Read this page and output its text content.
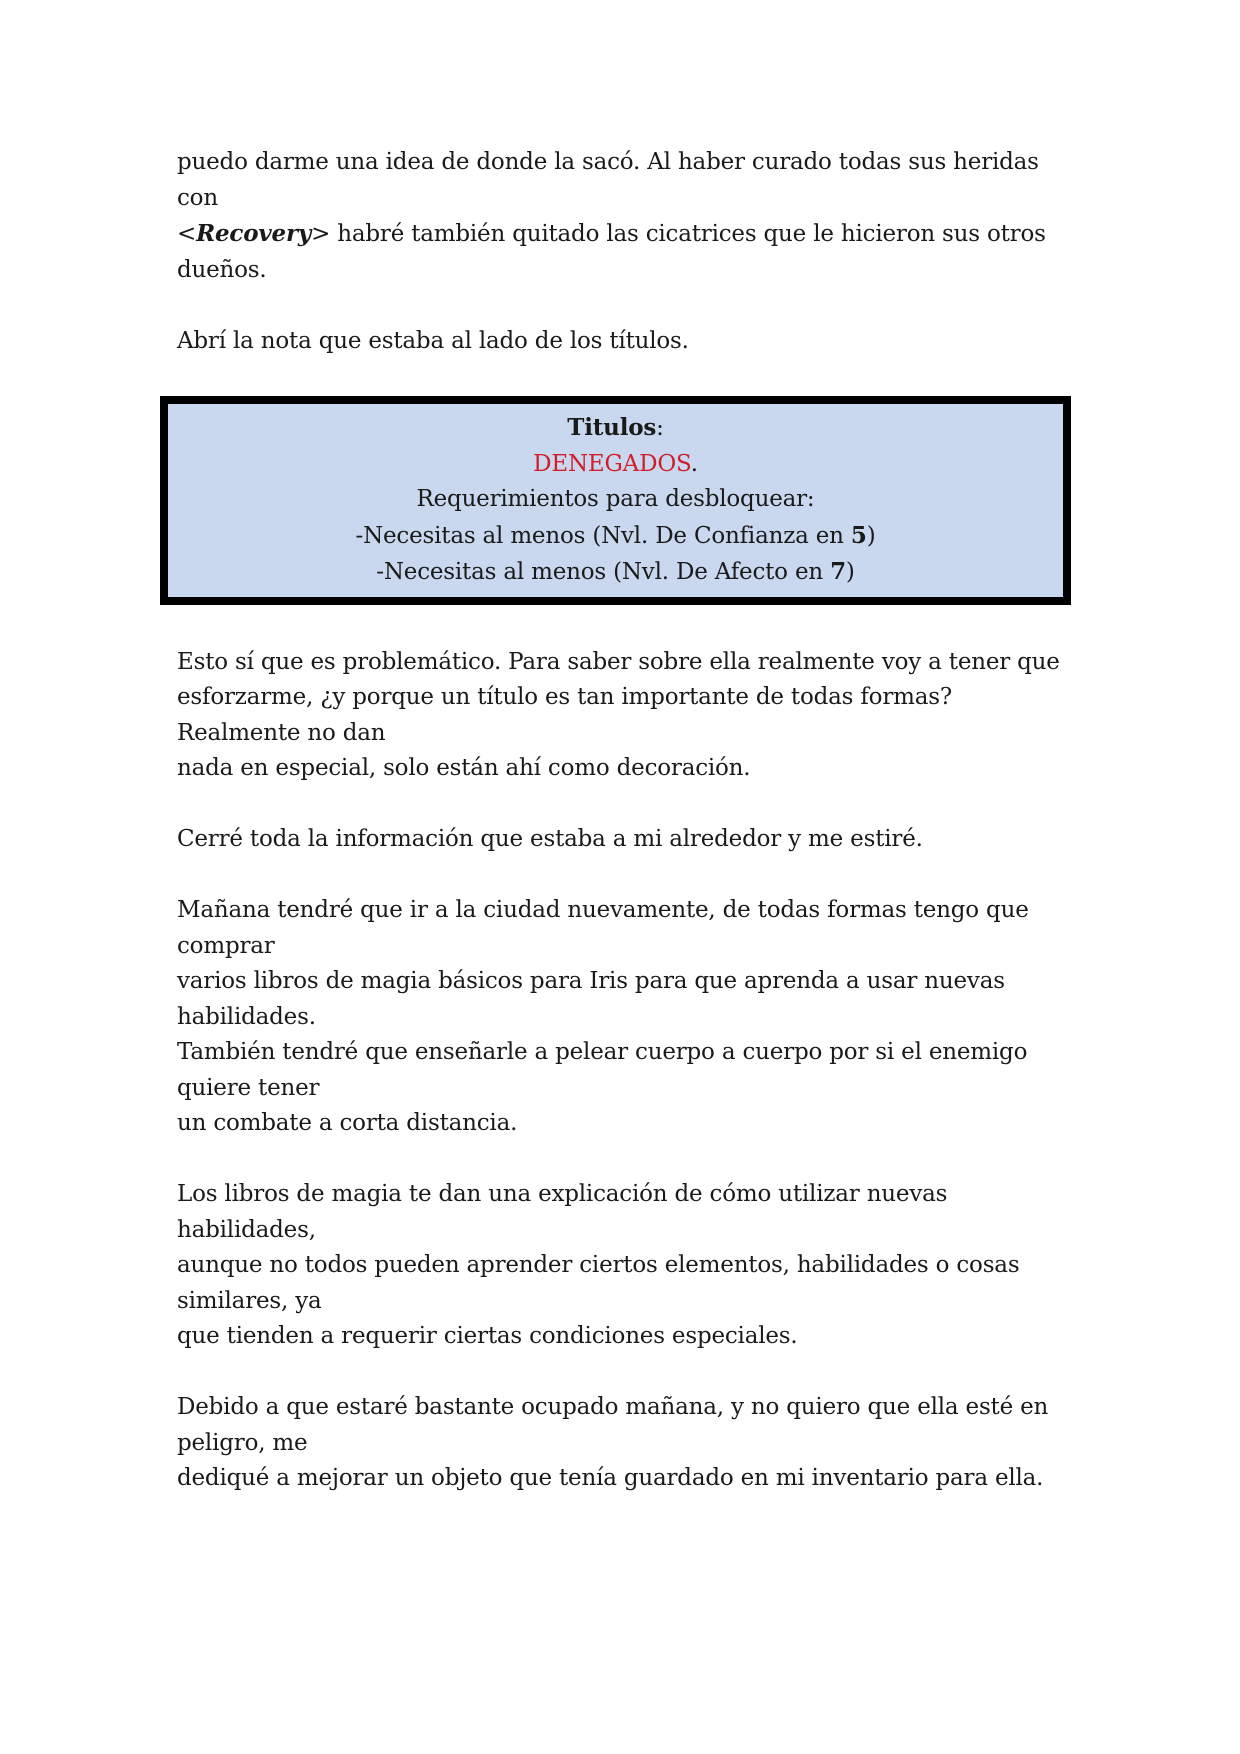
puedo darme una idea de donde la sacó. Al haber curado todas sus heridas con
<Recovery> habré también quitado las cicatrices que le hicieron sus otros dueños.

Abrí la nota que estaba al lado de los títulos.

Titulos:
DENEGADOS.
Requerimientos para desbloquear:
-Necesitas al menos (Nvl. De Confianza en 5)
-Necesitas al menos (Nvl. De Afecto en 7)

Esto sí que es problemático. Para saber sobre ella realmente voy a tener que
esforzarme, ¿y porque un título es tan importante de todas formas? Realmente no dan
nada en especial, solo están ahí como decoración.

Cerré toda la información que estaba a mi alrededor y me estiré.

Mañana tendré que ir a la ciudad nuevamente, de todas formas tengo que comprar
varios libros de magia básicos para Iris para que aprenda a usar nuevas habilidades.
También tendré que enseñarle a pelear cuerpo a cuerpo por si el enemigo quiere tener
un combate a corta distancia.

Los libros de magia te dan una explicación de cómo utilizar nuevas habilidades,
aunque no todos pueden aprender ciertos elementos, habilidades o cosas similares, ya
que tienden a requerir ciertas condiciones especiales.

Debido a que estaré bastante ocupado mañana, y no quiero que ella esté en peligro, me
dediqué a mejorar un objeto que tenía guardado en mi inventario para ella.
